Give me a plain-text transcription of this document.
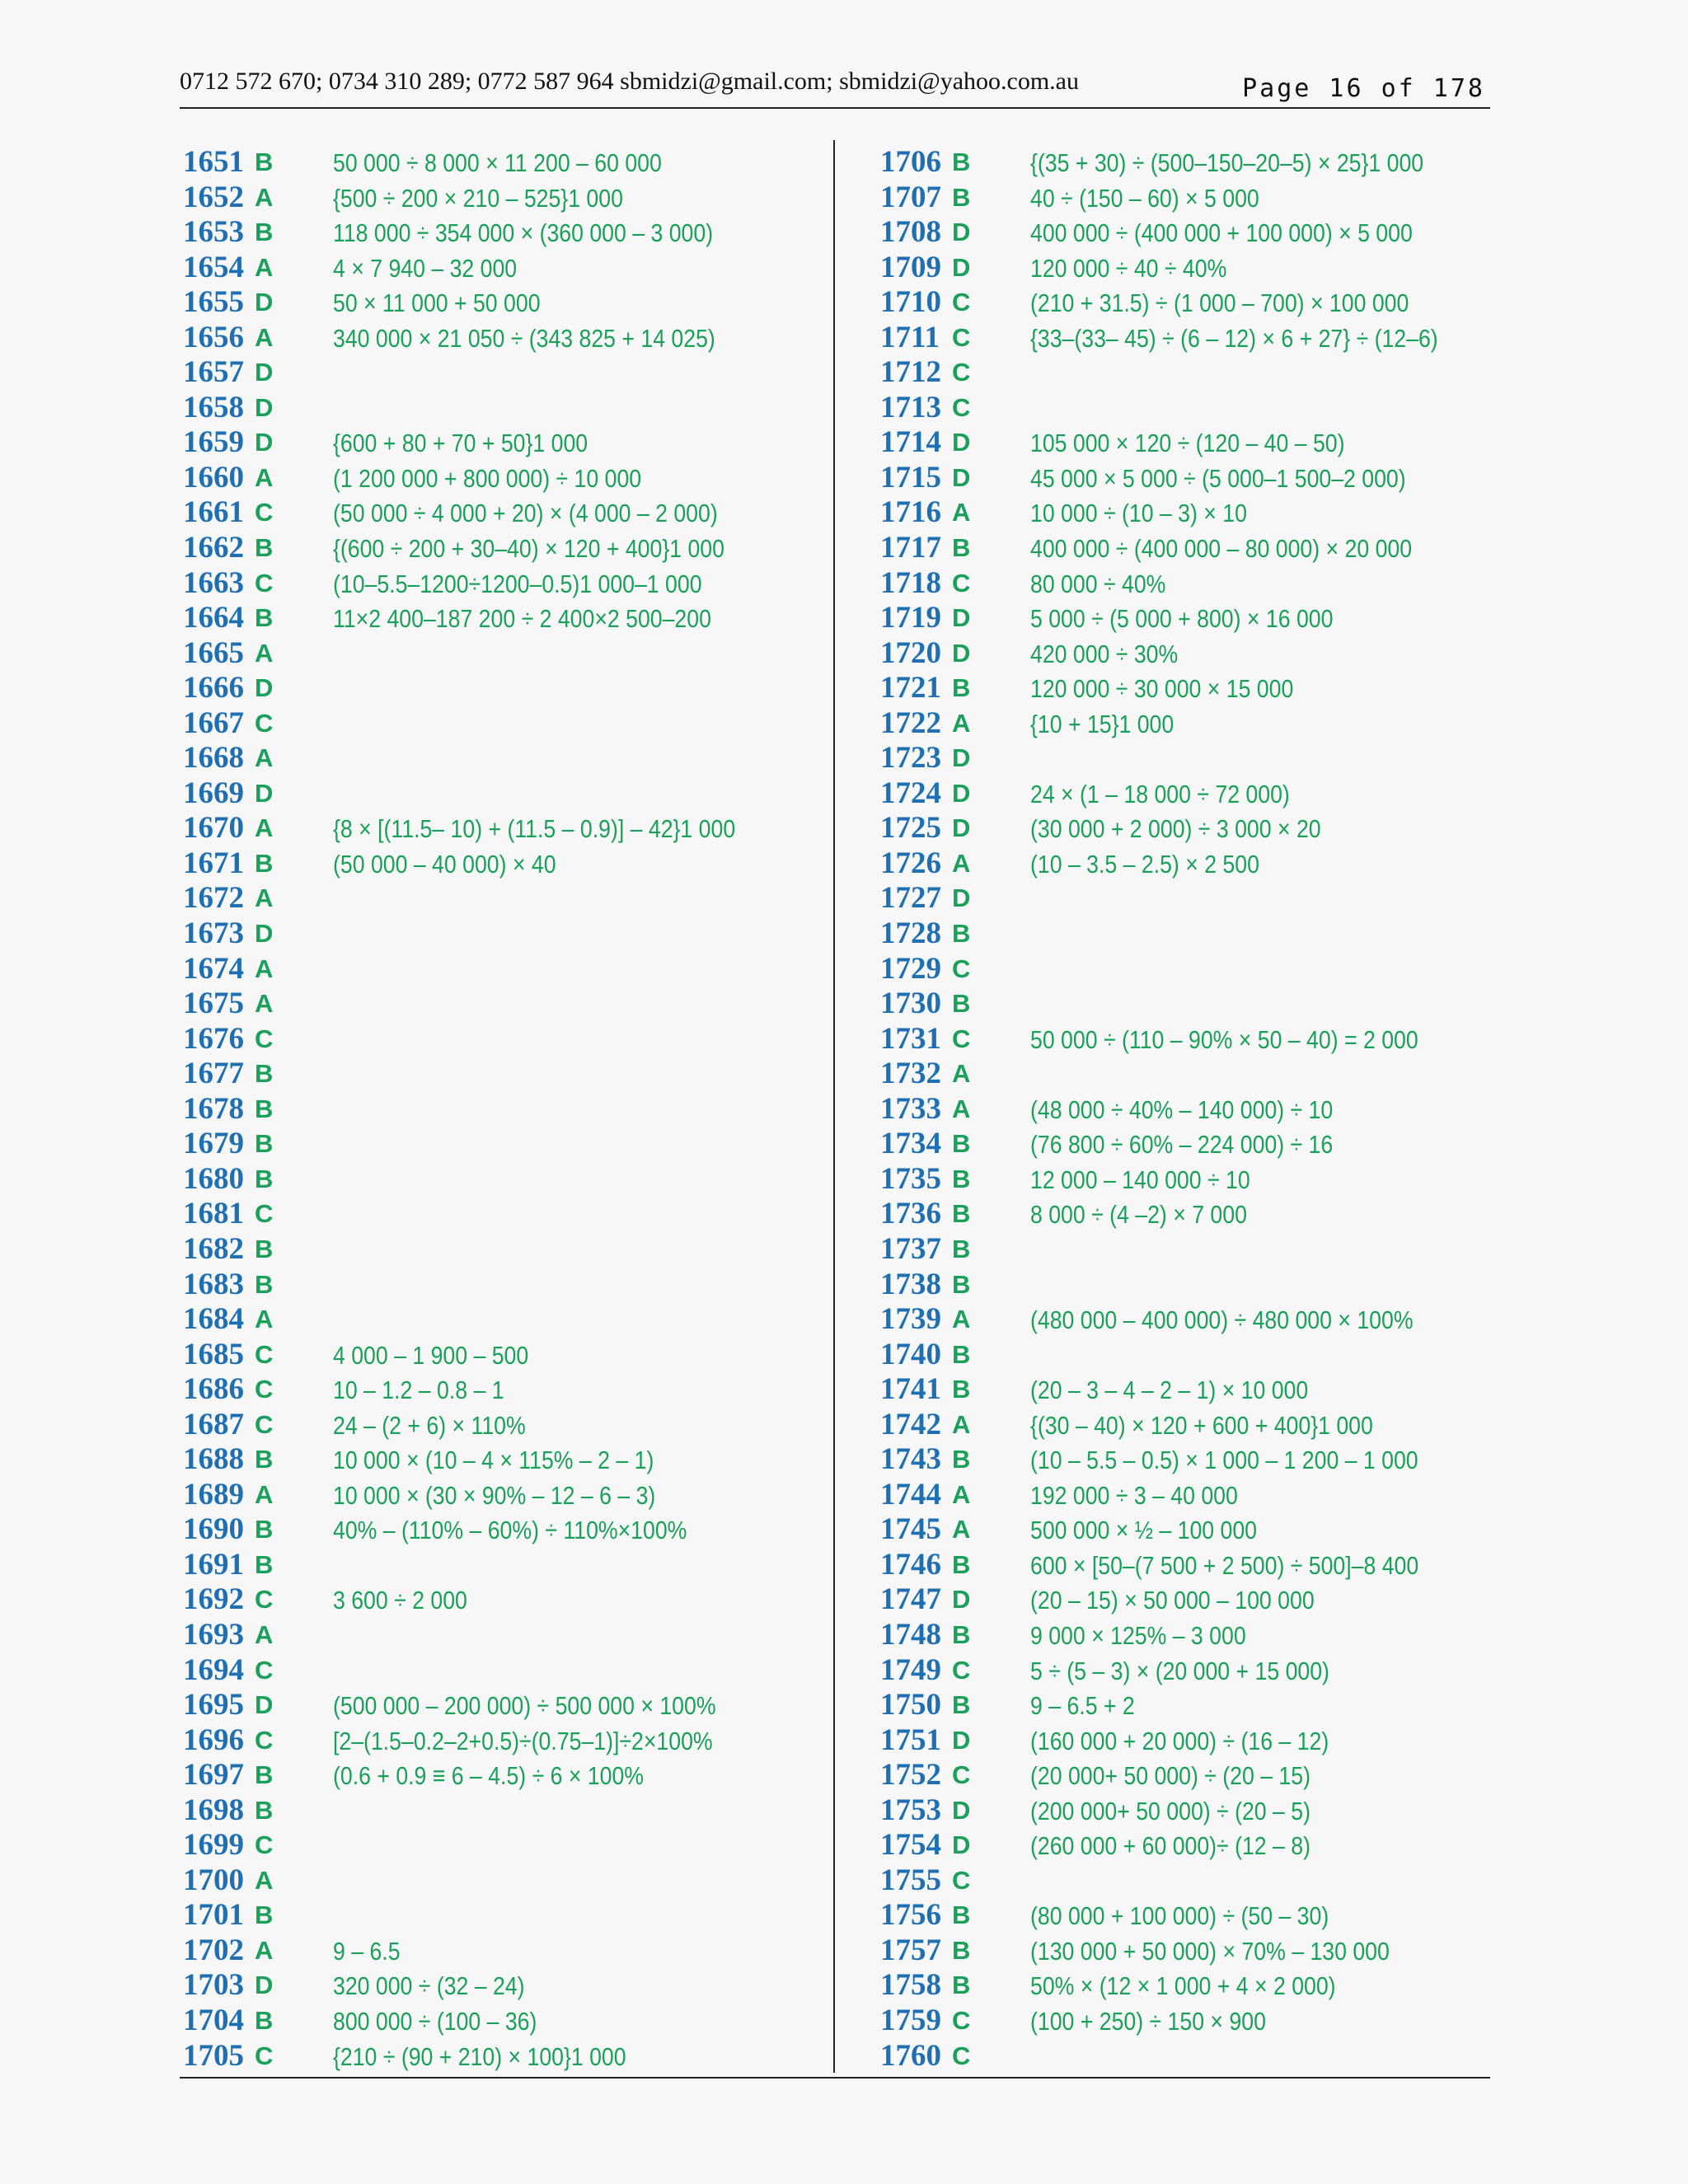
0712 572 670; 0734 310 289; 0772 587 964 sbmidzi@gmail.com; sbmidzi@yahoo.com.au	Page 16 of 178
1651 B 50 000 ÷ 8 000 × 11 200 – 60 000
1652 A {500 ÷ 200 × 210 – 525}1 000
1653 B 118 000 ÷ 354 000 × (360 000 – 3 000)
1654 A 4 × 7 940 – 32 000
1655 D 50 × 11 000 + 50 000
1656 A 340 000 × 21 050 ÷ (343 825 + 14 025)
1657 D
1658 D
1659 D {600 + 80 + 70 + 50}1 000
1660 A (1 200 000 + 800 000) ÷ 10 000
1661 C (50 000 ÷ 4 000 + 20) × (4 000 – 2 000)
1662 B {(600 ÷ 200 + 30–40) × 120 + 400}1 000
1663 C (10–5.5–1200÷1200–0.5)1 000–1 000
1664 B 11×2 400–187 200 ÷ 2 400×2 500–200
1665 A
1666 D
1667 C
1668 A
1669 D
1670 A {8 × [(11.5– 10) + (11.5 – 0.9)] – 42}1 000
1671 B (50 000 – 40 000) × 40
1672 A
1673 D
1674 A
1675 A
1676 C
1677 B
1678 B
1679 B
1680 B
1681 C
1682 B
1683 B
1684 A
1685 C 4 000 – 1 900 – 500
1686 C 10 – 1.2 – 0.8 – 1
1687 C 24 – (2 + 6) × 110%
1688 B 10 000 × (10 – 4 × 115% – 2 – 1)
1689 A 10 000 × (30 × 90% – 12 – 6 – 3)
1690 B 40% – (110% – 60%) ÷ 110%×100%
1691 B
1692 C 3 600 ÷ 2 000
1693 A
1694 C
1695 D (500 000 – 200 000) ÷ 500 000 × 100%
1696 C [2–(1.5–0.2–2+0.5)÷(0.75–1)]÷2×100%
1697 B (0.6 + 0.9 ≡ 6 – 4.5) ÷ 6 × 100%
1698 B
1699 C
1700 A
1701 B
1702 A 9 – 6.5
1703 D 320 000 ÷ (32 – 24)
1704 B 800 000 ÷ (100 – 36)
1705 C {210 ÷ (90 + 210) × 100}1 000
1706 B {(35 + 30) ÷ (500–150–20–5) × 25}1 000
1707 B 40 ÷ (150 – 60) × 5 000
1708 D 400 000 ÷ (400 000 + 100 000) × 5 000
1709 D 120 000 ÷ 40 ÷ 40%
1710 C (210 + 31.5) ÷ (1 000 – 700) × 100 000
1711 C {33–(33– 45) ÷ (6 – 12) × 6 + 27} ÷ (12–6)
1712 C
1713 C
1714 D 105 000 × 120 ÷ (120 – 40 – 50)
1715 D 45 000 × 5 000 ÷ (5 000–1 500–2 000)
1716 A 10 000 ÷ (10 – 3) × 10
1717 B 400 000 ÷ (400 000 – 80 000) × 20 000
1718 C 80 000 ÷ 40%
1719 D 5 000 ÷ (5 000 + 800) × 16 000
1720 D 420 000 ÷ 30%
1721 B 120 000 ÷ 30 000 × 15 000
1722 A {10 + 15}1 000
1723 D
1724 D 24 × (1 – 18 000 ÷ 72 000)
1725 D (30 000 + 2 000) ÷ 3 000 × 20
1726 A (10 – 3.5 – 2.5) × 2 500
1727 D
1728 B
1729 C
1730 B
1731 C 50 000 ÷ (110 – 90% × 50 – 40) = 2 000
1732 A
1733 A (48 000 ÷ 40% – 140 000) ÷ 10
1734 B (76 800 ÷ 60% – 224 000) ÷ 16
1735 B 12 000 – 140 000 ÷ 10
1736 B 8 000 ÷ (4 –2) × 7 000
1737 B
1738 B
1739 A (480 000 – 400 000) ÷ 480 000 × 100%
1740 B
1741 B (20 – 3 – 4 – 2 – 1) × 10 000
1742 A {(30 – 40) × 120 + 600 + 400}1 000
1743 B (10 – 5.5 – 0.5) × 1 000 – 1 200 – 1 000
1744 A 192 000 ÷ 3 – 40 000
1745 A 500 000 × ½ – 100 000
1746 B 600 × [50–(7 500 + 2 500) ÷ 500]–8 400
1747 D (20 – 15) × 50 000 – 100 000
1748 B 9 000 × 125% – 3 000
1749 C 5 ÷ (5 – 3) × (20 000 + 15 000)
1750 B 9 – 6.5 + 2
1751 D (160 000 + 20 000) ÷ (16 – 12)
1752 C (20 000+ 50 000) ÷ (20 – 15)
1753 D (200 000+ 50 000) ÷ (20 – 5)
1754 D (260 000 + 60 000)÷ (12 – 8)
1755 C
1756 B (80 000 + 100 000) ÷ (50 – 30)
1757 B (130 000 + 50 000) × 70% – 130 000
1758 B 50% × (12 × 1 000 + 4 × 2 000)
1759 C (100 + 250) ÷ 150 × 900
1760 C
